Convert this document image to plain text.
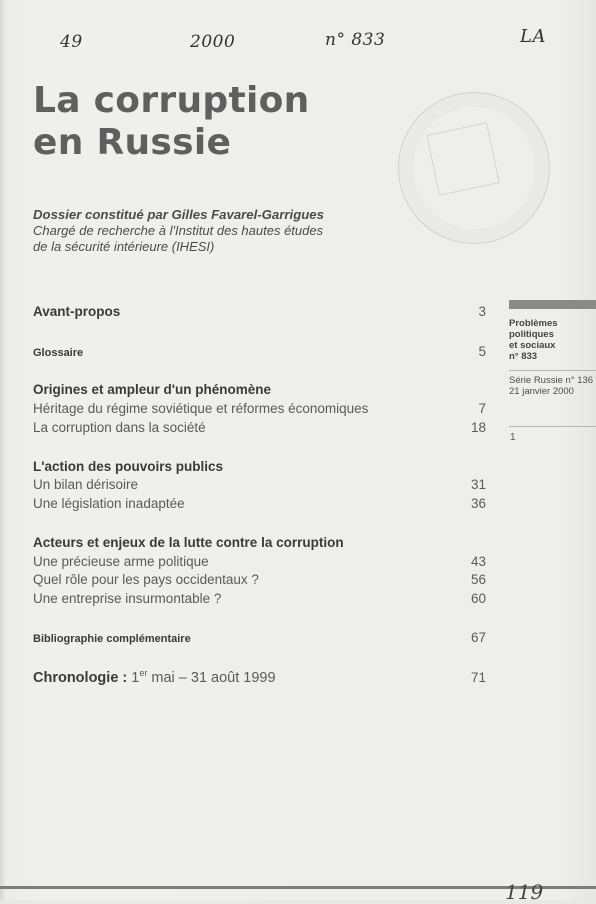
49	2000	n° 833	LA
La corruption
en Russie
Dossier constitué par Gilles Favarel-Garrigues
Chargé de recherche à l'Institut des hautes études
de la sécurité intérieure (IHESI)
Avant-propos	3
Glossaire	5
Origines et ampleur d'un phénomène
Héritage du régime soviétique et réformes économiques	7
La corruption dans la société	18
L'action des pouvoirs publics
Un bilan dérisoire	31
Une législation inadaptée	36
Acteurs et enjeux de la lutte contre la corruption
Une précieuse arme politique	43
Quel rôle pour les pays occidentaux ?	56
Une entreprise insurmontable ?	60
Bibliographie complémentaire	67
Chronologie : 1er mai – 31 août 1999	71
Problèmes
politiques
et sociaux
n° 833
Série Russie n° 136
21 janvier 2000
1
119
